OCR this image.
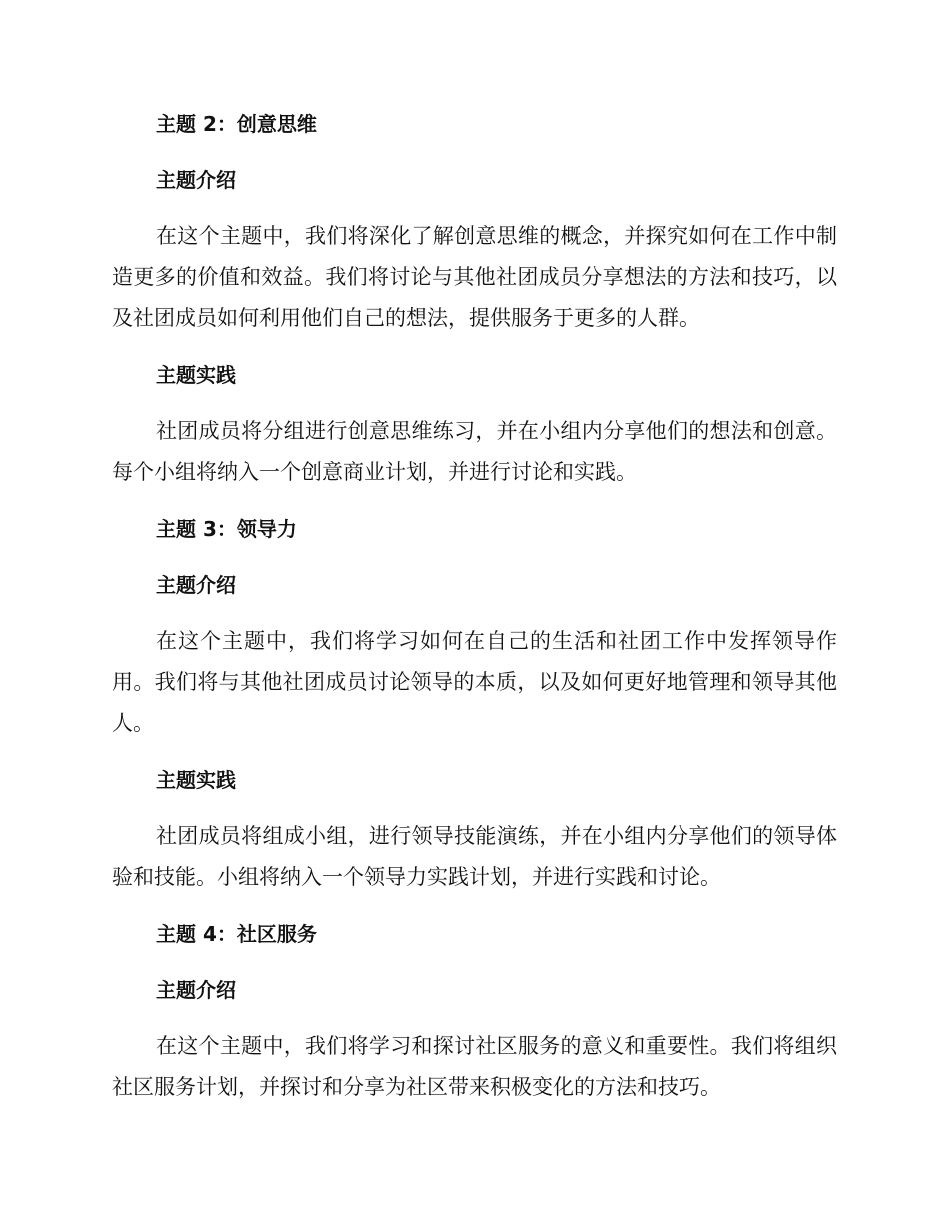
主题 2：创意思维
主题介绍

在这个主题中，我们将深化了解创意思维的概念，并探究如何在工作中制造更多的价值和效益。我们将讨论与其他社团成员分享想法的方法和技巧，以及社团成员如何利用他们自己的想法，提供服务于更多的人群。

主题实践

社团成员将分组进行创意思维练习，并在小组内分享他们的想法和创意。每个小组将纳入一个创意商业计划，并进行讨论和实践。

主题 3：领导力
主题介绍

在这个主题中，我们将学习如何在自己的生活和社团工作中发挥领导作用。我们将与其他社团成员讨论领导的本质，以及如何更好地管理和领导其他人。

主题实践

社团成员将组成小组，进行领导技能演练，并在小组内分享他们的领导体验和技能。小组将纳入一个领导力实践计划，并进行实践和讨论。

主题 4：社区服务
主题介绍

在这个主题中，我们将学习和探讨社区服务的意义和重要性。我们将组织社区服务计划，并探讨和分享为社区带来积极变化的方法和技巧。
